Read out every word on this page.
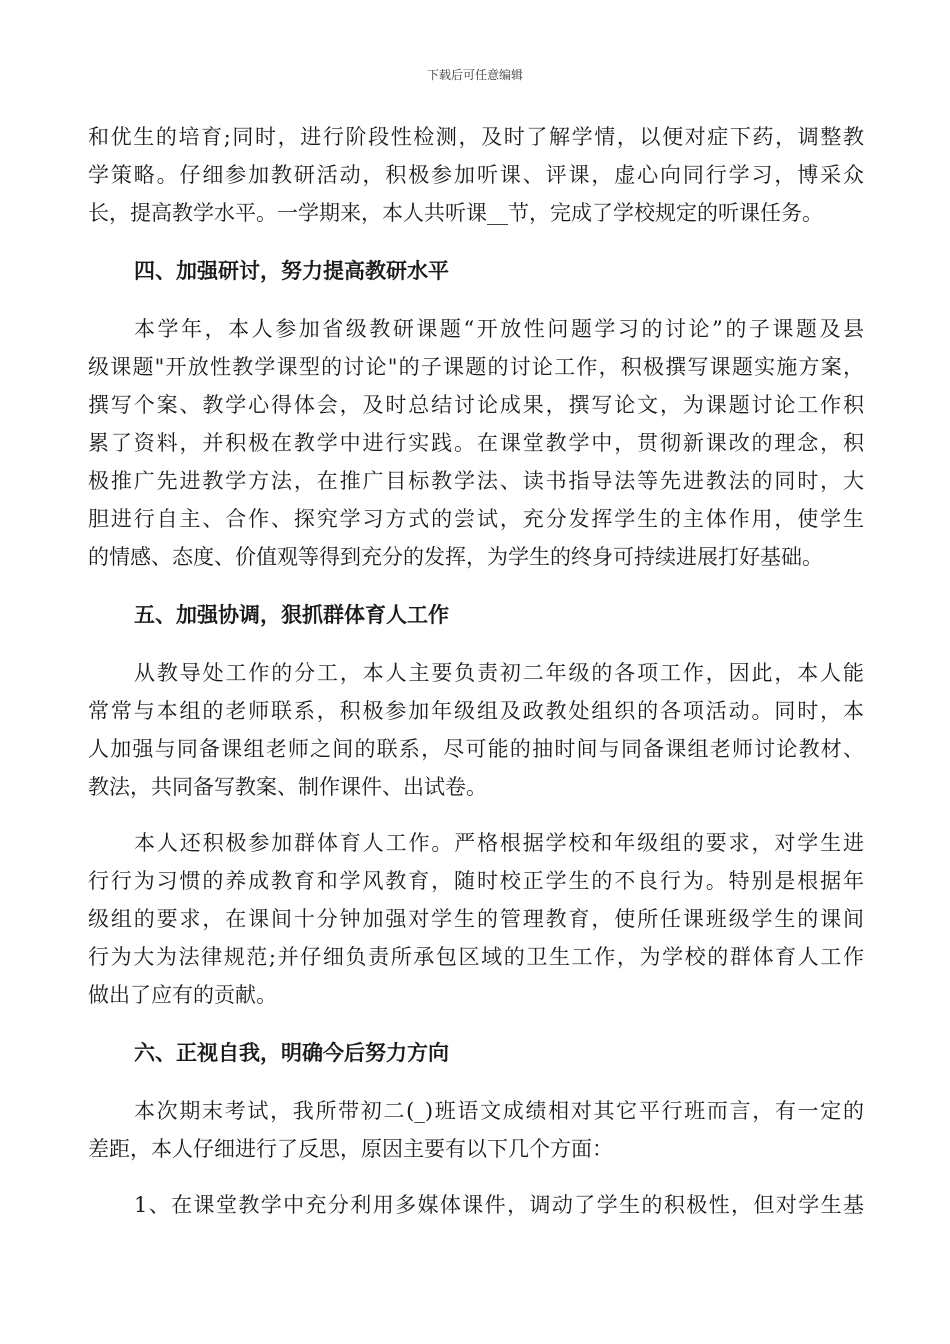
下载后可任意编辑
和优生的培育;同时，进行阶段性检测，及时了解学情，以便对症下药，调整教
学策略。仔细参加教研活动，积极参加听课、评课，虚心向同行学习，博采众
长，提高教学水平。一学期来，本人共听课__节，完成了学校规定的听课任务。
四、加强研讨，努力提高教研水平
本学年，本人参加省级教研课题“开放性问题学习的讨论”的子课题及县
级课题"开放性教学课型的讨论"的子课题的讨论工作，积极撰写课题实施方案，
撰写个案、教学心得体会，及时总结讨论成果，撰写论文，为课题讨论工作积
累了资料，并积极在教学中进行实践。在课堂教学中，贯彻新课改的理念，积
极推广先进教学方法，在推广目标教学法、读书指导法等先进教法的同时，大
胆进行自主、合作、探究学习方式的尝试，充分发挥学生的主体作用，使学生
的情感、态度、价值观等得到充分的发挥，为学生的终身可持续进展打好基础。
五、加强协调，狠抓群体育人工作
从教导处工作的分工，本人主要负责初二年级的各项工作，因此，本人能
常常与本组的老师联系，积极参加年级组及政教处组织的各项活动。同时，本
人加强与同备课组老师之间的联系，尽可能的抽时间与同备课组老师讨论教材、
教法，共同备写教案、制作课件、出试卷。
本人还积极参加群体育人工作。严格根据学校和年级组的要求，对学生进
行行为习惯的养成教育和学风教育，随时校正学生的不良行为。特别是根据年
级组的要求，在课间十分钟加强对学生的管理教育，使所任课班级学生的课间
行为大为法律规范;并仔细负责所承包区域的卫生工作，为学校的群体育人工作
做出了应有的贡献。
六、正视自我，明确今后努力方向
本次期末考试，我所带初二(_)班语文成绩相对其它平行班而言，有一定的
差距，本人仔细进行了反思，原因主要有以下几个方面：
1、在课堂教学中充分利用多媒体课件，调动了学生的积极性，但对学生基
